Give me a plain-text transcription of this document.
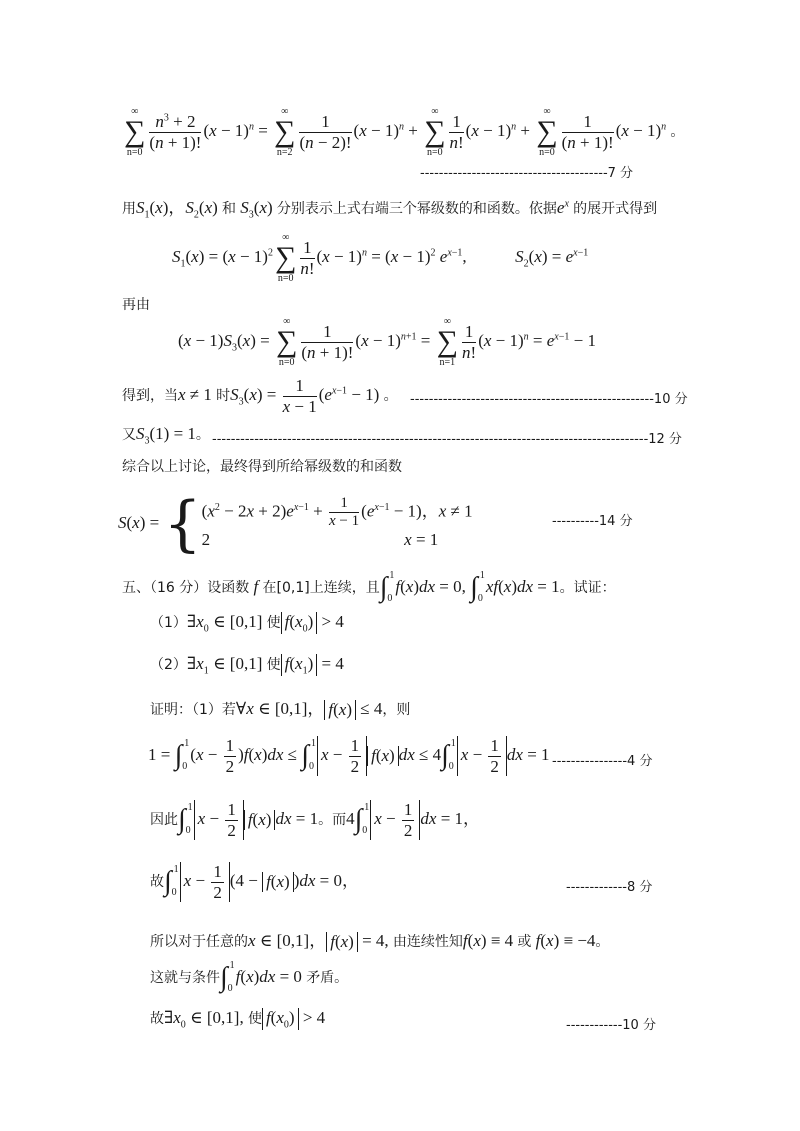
∞
∑
n=0
$\frac{n^3 + 2}{(n + 1)!} (x - 1)^n$ =
∞
∑
n=2
$\frac{1}{(n - 2)!} (x - 1)^n$ +
∞
∑
n=0
$\frac{1}{n!} (x - 1)^n$ +
∞
∑
n=0
$\frac{1}{(n + 1)!} (x - 1)^n$ 。
----------------------------------------7 分
用$S_1(x)$，$S_2(x)$ 和 $S_3(x)$ 分别表示上式右端三个幂级数的和函数。依据$e^x$ 的展开式得到
$S_1(x) = (x - 1)^2$
∞
∑
n=0
$\frac{1}{n!} (x - 1)^n = (x - 1)^2$ $e^{x-1}$,	$S_2(x) = e^{x-1}$
再由
$(x - 1)S_3(x)$ =
∞
∑
n=0
$\frac{1}{(n + 1)!} (x - 1)^{n+1}$ =
∞
∑
n=1
$\frac{1}{n!} (x - 1)^n = e^{x-1} - 1$
得到，当x ≠ 1 时$S_3(x) = \frac{1}{x - 1} (e^{x-1} - 1)$ 。 ----------------------------------------------------10 分
又$S_3(1) = 1$。 ---------------------------------------------------------------------------------------------12 分
综合以上讨论，最终得到所给幂级数的和函数
S(x) = { $(x^2 - 2x + 2)e^{x-1} + \frac{1}{x - 1} (e^{x-1} - 1)$，x ≠ 1
2	x = 1
----------14 分
五、（16 分）设函数 f 在[0,1]上连续，且∫ 1
0
f(x)dx = 0, ∫ 1
0
xf(x)dx = 1。试证：
$(1)\exists x_0$ ∈ [0,1] 使 $f(x_0) > 4$
$(2)\exists x_1$ ∈ [0,1] 使 $f(x_1) = 4$
证明：（1）若∀x ∈ [0,1]， f(x) ≤ 4，则
1 = ∫ 1
0
$(x - \frac{1}{2} )f(x)dx$ ≤ ∫ 1
0
$x - \frac{1}{2} f(x)$ dx ≤ 4∫ 1
0
$x - \frac{1}{2}$ dx = 1 ----------------4 分
因此∫ 1
0
$x - \frac{1}{2} f(x)$ dx = 1。而4∫ 1
0
$x - \frac{1}{2}$ dx = 1，
故∫ 1
0
$x - \frac{1}{2} (4 - f(x) )dx = 0$，	-------------8 分
所以对于任意的x ∈ [0,1]， f(x) = 4, 由连续性知f(x) ≡ 4 或 f(x) ≡ −4。
这就与条件∫ 1
0
f(x)dx = 0 矛盾。
故$\exists x_0$ ∈ [0,1], 使 $f(x_0) > 4$	------------10 分
